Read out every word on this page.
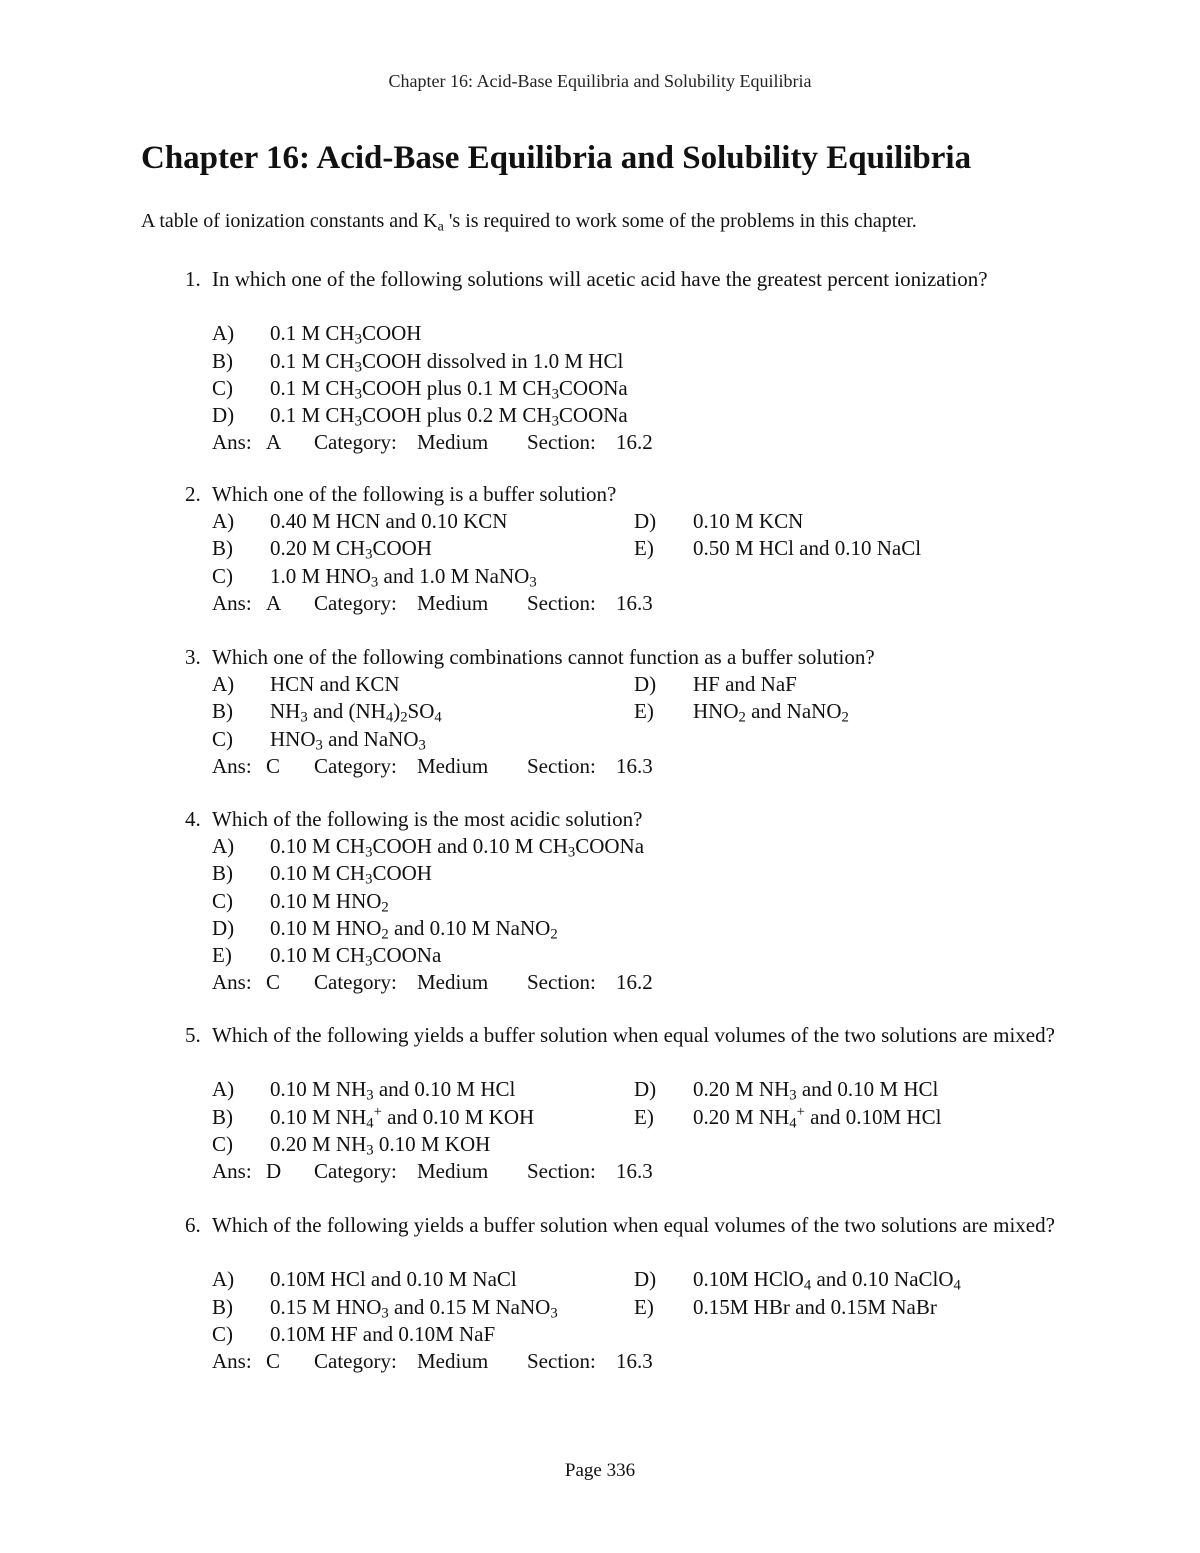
Chapter 16: Acid-Base Equilibria and Solubility Equilibria
Chapter 16: Acid-Base Equilibria and Solubility Equilibria
A table of ionization constants and $K_a$ 's is required to work some of the problems in this chapter.
1. In which one of the following solutions will acetic acid have the greatest percent ionization?
A) 0.1 M $CH_3COOH$
B) 0.1 M $CH_3COOH$ dissolved in 1.0 M HCl
C) 0.1 M $CH_3COOH$ plus 0.1 M $CH_3COONa$
D) 0.1 M $CH_3COOH$ plus 0.2 M $CH_3COONa$
Ans: A Category: Medium Section: 16.2
2. Which one of the following is a buffer solution?
A) 0.40 M HCN and 0.10 KCN
B) 0.20 M $CH_3COOH$
C) 1.0 M $HNO_3$ and 1.0 M NaNO$_3$
D) 0.10 M KCN
E) 0.50 M HCl and 0.10 NaCl
Ans: A Category: Medium Section: 16.3
3. Which one of the following combinations cannot function as a buffer solution?
A) HCN and KCN
B) $NH_3$ and $(NH_4)_2SO_4$
C) $HNO_3$ and NaNO$_3$
D) HF and NaF
E) $HNO_2$ and NaNO$_2$
Ans: C Category: Medium Section: 16.3
4. Which of the following is the most acidic solution?
A) 0.10 M $CH_3COOH$ and 0.10 M $CH_3COONa$
B) 0.10 M $CH_3COOH$
C) 0.10 M $HNO_2$
D) 0.10 M $HNO_2$ and 0.10 M NaNO$_2$
E) 0.10 M $CH_3COONa$
Ans: C Category: Medium Section: 16.2
5. Which of the following yields a buffer solution when equal volumes of the two solutions are mixed?
A) 0.10 M $NH_3$ and 0.10 M HCl
B) 0.10 M $NH_4^+$ and 0.10 M KOH
C) 0.20 M $NH_3$ 0.10 M KOH
D) 0.20 M $NH_3$ and 0.10 M HCl
E) 0.20 M $NH_4^+$ and 0.10M HCl
Ans: D Category: Medium Section: 16.3
6. Which of the following yields a buffer solution when equal volumes of the two solutions are mixed?
A) 0.10M HCl and 0.10 M NaCl
B) 0.15 M $HNO_3$ and 0.15 M NaNO$_3$
C) 0.10M HF and 0.10M NaF
D) 0.10M HClO$_4$ and 0.10 NaClO$_4$
E) 0.15M HBr and 0.15M NaBr
Ans: C Category: Medium Section: 16.3
Page 336
